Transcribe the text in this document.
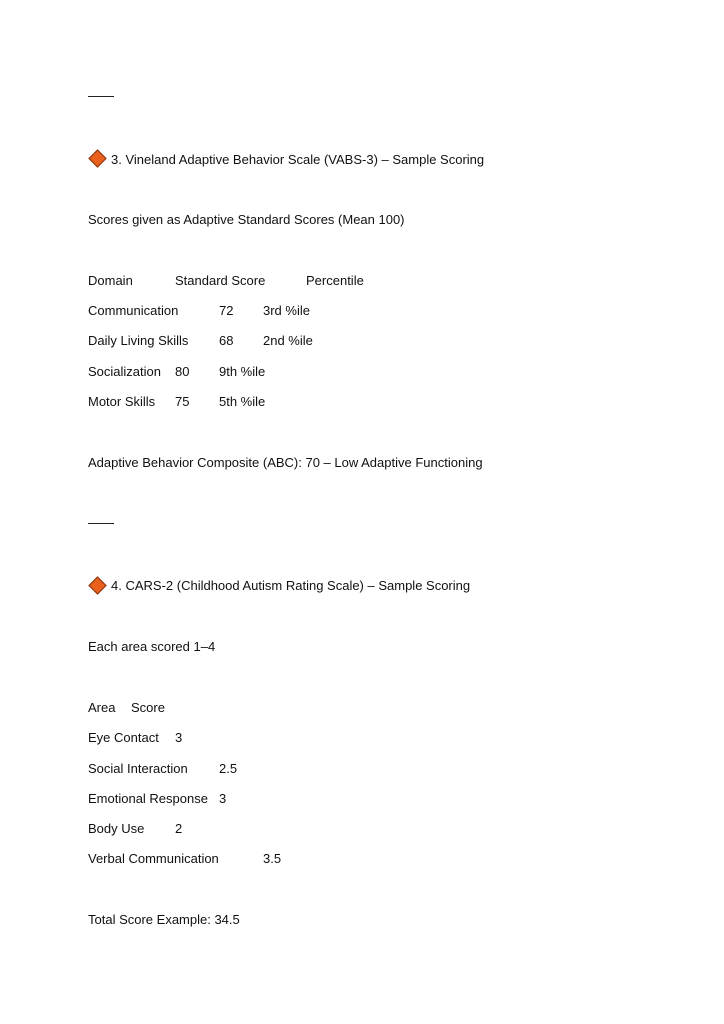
3. Vineland Adaptive Behavior Scale (VABS-3) – Sample Scoring
Scores given as Adaptive Standard Scores (Mean 100)
Domain	Standard Score	Percentile
Communication	72 3rd %ile
Daily Living Skills 68 2nd %ile
Socialization 80 9th %ile
Motor Skills 75 5th %ile
Adaptive Behavior Composite (ABC): 70 – Low Adaptive Functioning
4. CARS-2 (Childhood Autism Rating Scale) – Sample Scoring
Each area scored 1–4
Area Score
Eye Contact 3
Social Interaction 2.5
Emotional Response 3
Body Use 2
Verbal Communication	3.5
Total Score Example: 34.5
